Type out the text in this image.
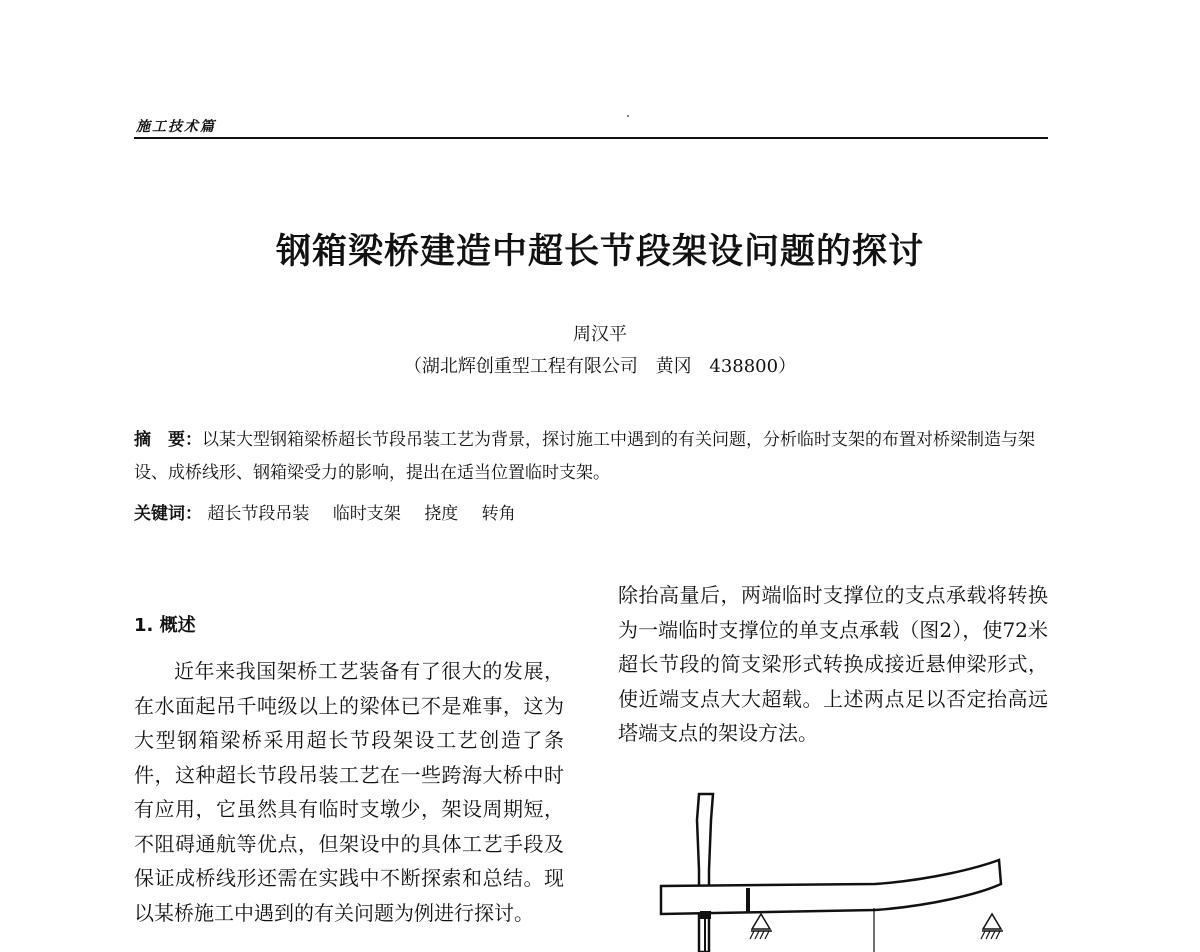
施工技术篇
钢箱梁桥建造中超长节段架设问题的探讨
周汉平
（湖北辉创重型工程有限公司 黄冈 438800）
摘　要：以某大型钢箱梁桥超长节段吊装工艺为背景，探讨施工中遇到的有关问题，分析临时支架的布置对桥梁制造与架设、成桥线形、钢箱梁受力的影响，提出在适当位置临时支架。
关键词： 超长节段吊装 临时支架 挠度 转角
1. 概述
近年来我国架桥工艺装备有了很大的发展，在水面起吊千吨级以上的梁体已不是难事，这为大型钢箱梁桥采用超长节段架设工艺创造了条件，这种超长节段吊装工艺在一些跨海大桥中时有应用，它虽然具有临时支墩少，架设周期短，不阻碍通航等优点，但架设中的具体工艺手段及保证成桥线形还需在实践中不断探索和总结。现以某桥施工中遇到的有关问题为例进行探讨。
除抬高量后，两端临时支撑位的支点承载将转换为一端临时支撑位的单支点承载（图2），使72米超长节段的简支梁形式转换成接近悬伸梁形式，使近端支点大大超载。上述两点足以否定抬高远塔端支点的架设方法。
